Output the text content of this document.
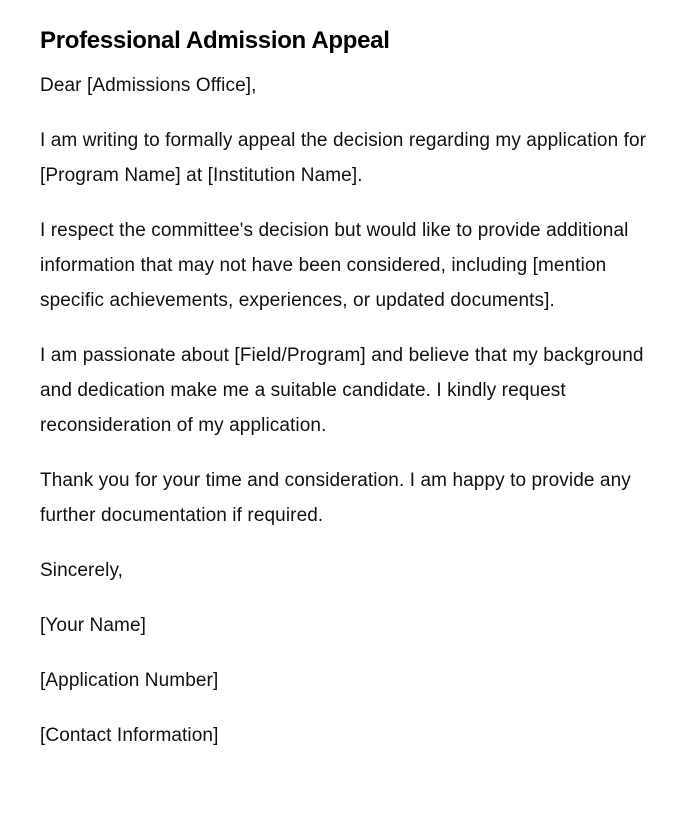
Professional Admission Appeal

Dear [Admissions Office],

I am writing to formally appeal the decision regarding my application for [Program Name] at [Institution Name].

I respect the committee's decision but would like to provide additional information that may not have been considered, including [mention specific achievements, experiences, or updated documents].

I am passionate about [Field/Program] and believe that my background and dedication make me a suitable candidate. I kindly request reconsideration of my application.

Thank you for your time and consideration. I am happy to provide any further documentation if required.

Sincerely,

[Your Name]

[Application Number]

[Contact Information]
